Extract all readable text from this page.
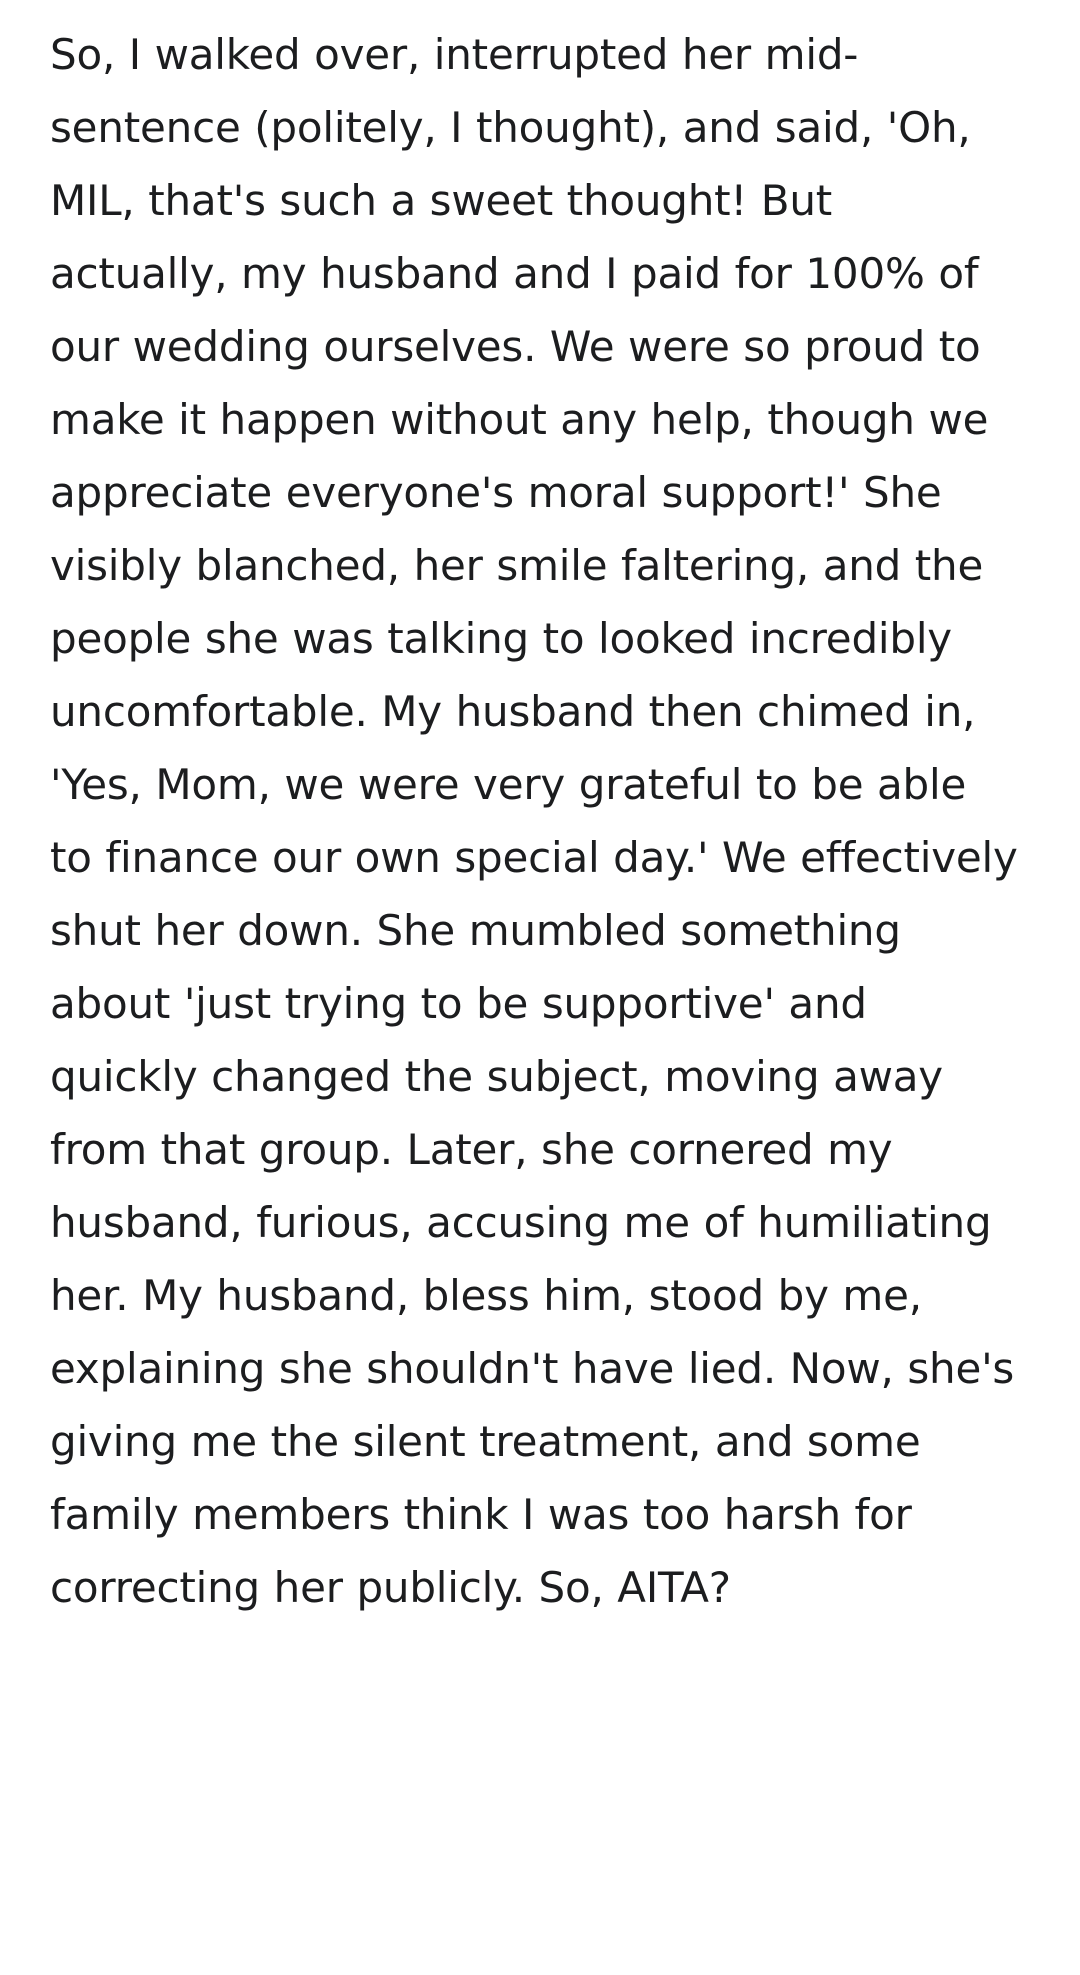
So, I walked over, interrupted her mid-sentence (politely, I thought), and said, 'Oh, MIL, that's such a sweet thought! But actually, my husband and I paid for 100% of our wedding ourselves. We were so proud to make it happen without any help, though we appreciate everyone's moral support!' She visibly blanched, her smile faltering, and the people she was talking to looked incredibly uncomfortable. My husband then chimed in, 'Yes, Mom, we were very grateful to be able to finance our own special day.' We effectively shut her down. She mumbled something about 'just trying to be supportive' and quickly changed the subject, moving away from that group. Later, she cornered my husband, furious, accusing me of humiliating her. My husband, bless him, stood by me, explaining she shouldn't have lied. Now, she's giving me the silent treatment, and some family members think I was too harsh for correcting her publicly. So, AITA?
